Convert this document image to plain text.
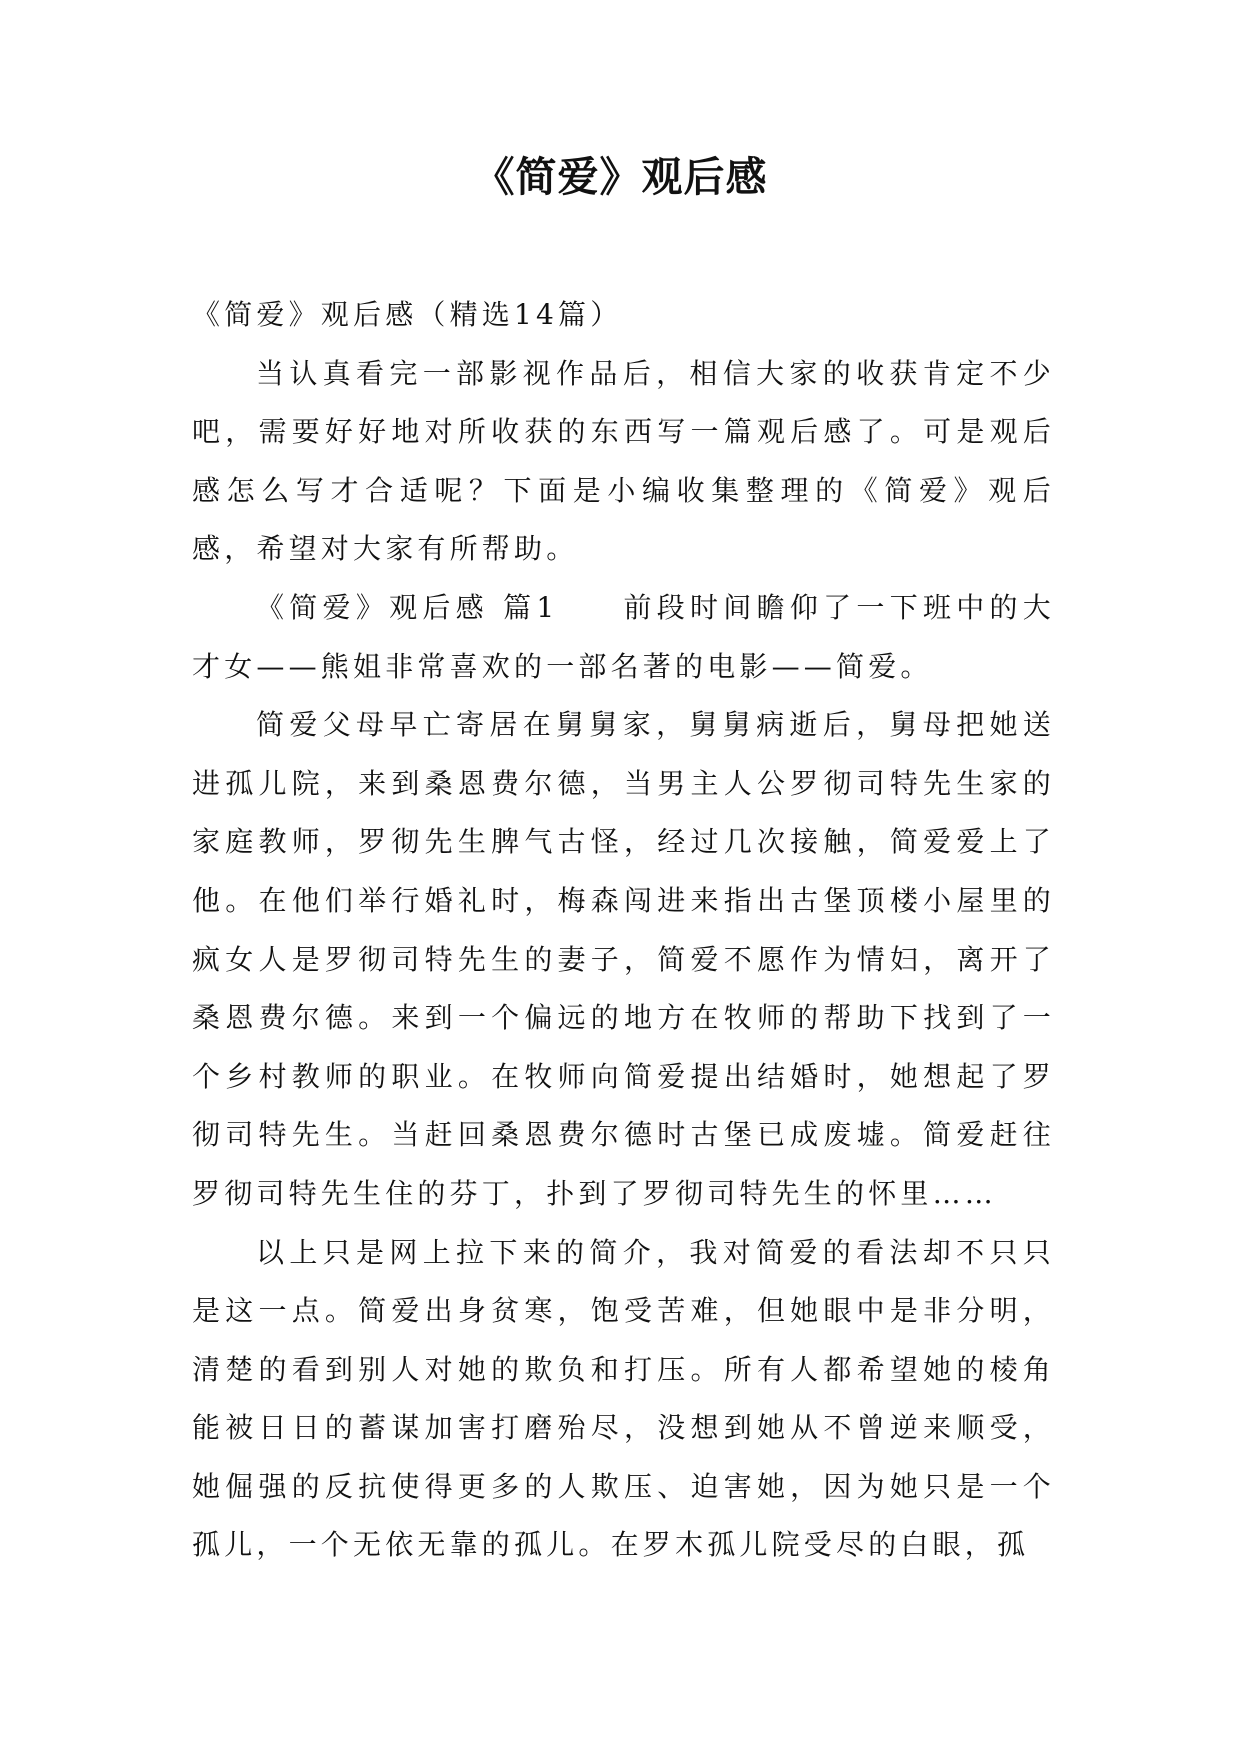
《简爱》观后感

《简爱》观后感（精选14篇）

当认真看完一部影视作品后，相信大家的收获肯定不少吧，需要好好地对所收获的东西写一篇观后感了。可是观后感怎么写才合适呢？下面是小编收集整理的《简爱》观后感，希望对大家有所帮助。

《简爱》观后感 篇1 前段时间瞻仰了一下班中的大才女——熊姐非常喜欢的一部名著的电影——简爱。

简爱父母早亡寄居在舅舅家，舅舅病逝后，舅母把她送进孤儿院，来到桑恩费尔德，当男主人公罗彻司特先生家的家庭教师，罗彻先生脾气古怪，经过几次接触，简爱爱上了他。在他们举行婚礼时，梅森闯进来指出古堡顶楼小屋里的疯女人是罗彻司特先生的妻子，简爱不愿作为情妇，离开了桑恩费尔德。来到一个偏远的地方在牧师的帮助下找到了一个乡村教师的职业。在牧师向简爱提出结婚时，她想起了罗彻司特先生。当赶回桑恩费尔德时古堡已成废墟。简爱赶往罗彻司特先生住的芬丁，扑到了罗彻司特先生的怀里……

以上只是网上拉下来的简介，我对简爱的看法却不只只是这一点。简爱出身贫寒，饱受苦难，但她眼中是非分明，清楚的看到别人对她的欺负和打压。所有人都希望她的棱角能被日日的蓄谋加害打磨殆尽，没想到她从不曾逆来顺受，她倔强的反抗使得更多的人欺压、迫害她，因为她只是一个孤儿，一个无依无靠的孤儿。在罗木孤儿院受尽的白眼，孤
